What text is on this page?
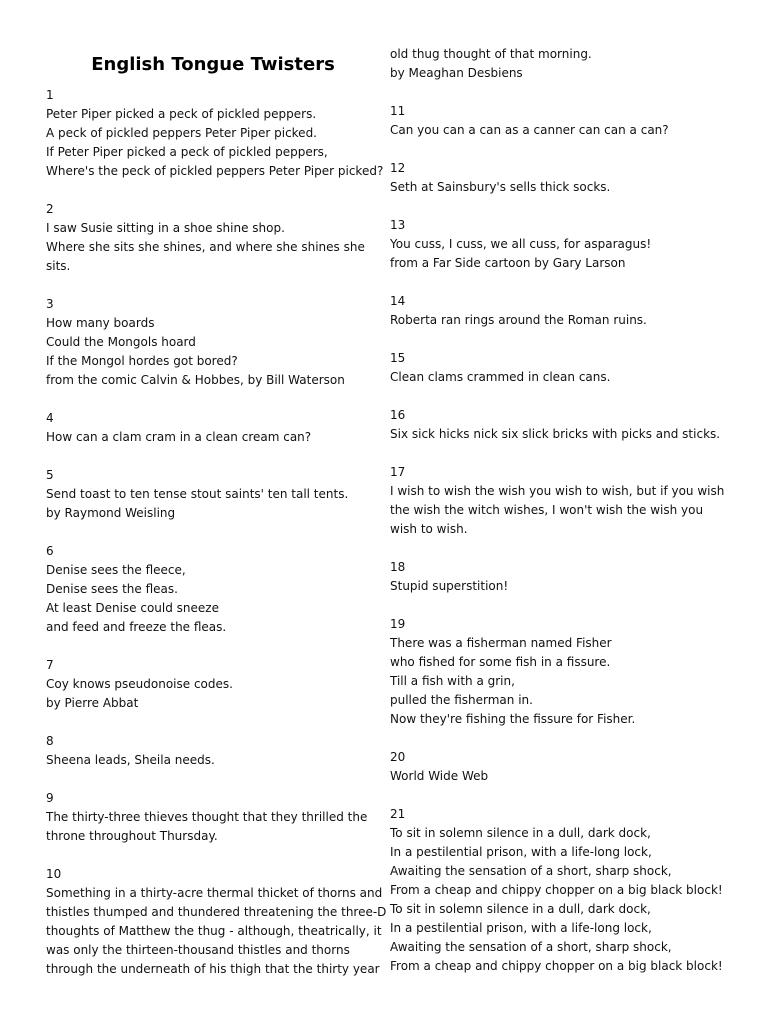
English Tongue Twisters
1
Peter Piper picked a peck of pickled peppers.
A peck of pickled peppers Peter Piper picked.
If Peter Piper picked a peck of pickled peppers,
Where's the peck of pickled peppers Peter Piper picked?
2
I saw Susie sitting in a shoe shine shop.
Where she sits she shines, and where she shines she
sits.
3
How many boards
Could the Mongols hoard
If the Mongol hordes got bored?
from the comic Calvin & Hobbes, by Bill Waterson
4
How can a clam cram in a clean cream can?
5
Send toast to ten tense stout saints' ten tall tents.
by Raymond Weisling
6
Denise sees the fleece,
Denise sees the fleas.
At least Denise could sneeze
and feed and freeze the fleas.
7
Coy knows pseudonoise codes.
by Pierre Abbat
8
Sheena leads, Sheila needs.
9
The thirty-three thieves thought that they thrilled the
throne throughout Thursday.
10
Something in a thirty-acre thermal thicket of thorns and
thistles thumped and thundered threatening the three-D
thoughts of Matthew the thug - although, theatrically, it
was only the thirteen-thousand thistles and thorns
through the underneath of his thigh that the thirty year
old thug thought of that morning.
by Meaghan Desbiens
11
Can you can a can as a canner can can a can?
12
Seth at Sainsbury's sells thick socks.
13
You cuss, I cuss, we all cuss, for asparagus!
from a Far Side cartoon by Gary Larson
14
Roberta ran rings around the Roman ruins.
15
Clean clams crammed in clean cans.
16
Six sick hicks nick six slick bricks with picks and sticks.
17
I wish to wish the wish you wish to wish, but if you wish
the wish the witch wishes, I won't wish the wish you
wish to wish.
18
Stupid superstition!
19
There was a fisherman named Fisher
who fished for some fish in a fissure.
Till a fish with a grin,
pulled the fisherman in.
Now they're fishing the fissure for Fisher.
20
World Wide Web
21
To sit in solemn silence in a dull, dark dock,
In a pestilential prison, with a life-long lock,
Awaiting the sensation of a short, sharp shock,
From a cheap and chippy chopper on a big black block!
To sit in solemn silence in a dull, dark dock,
In a pestilential prison, with a life-long lock,
Awaiting the sensation of a short, sharp shock,
From a cheap and chippy chopper on a big black block!
